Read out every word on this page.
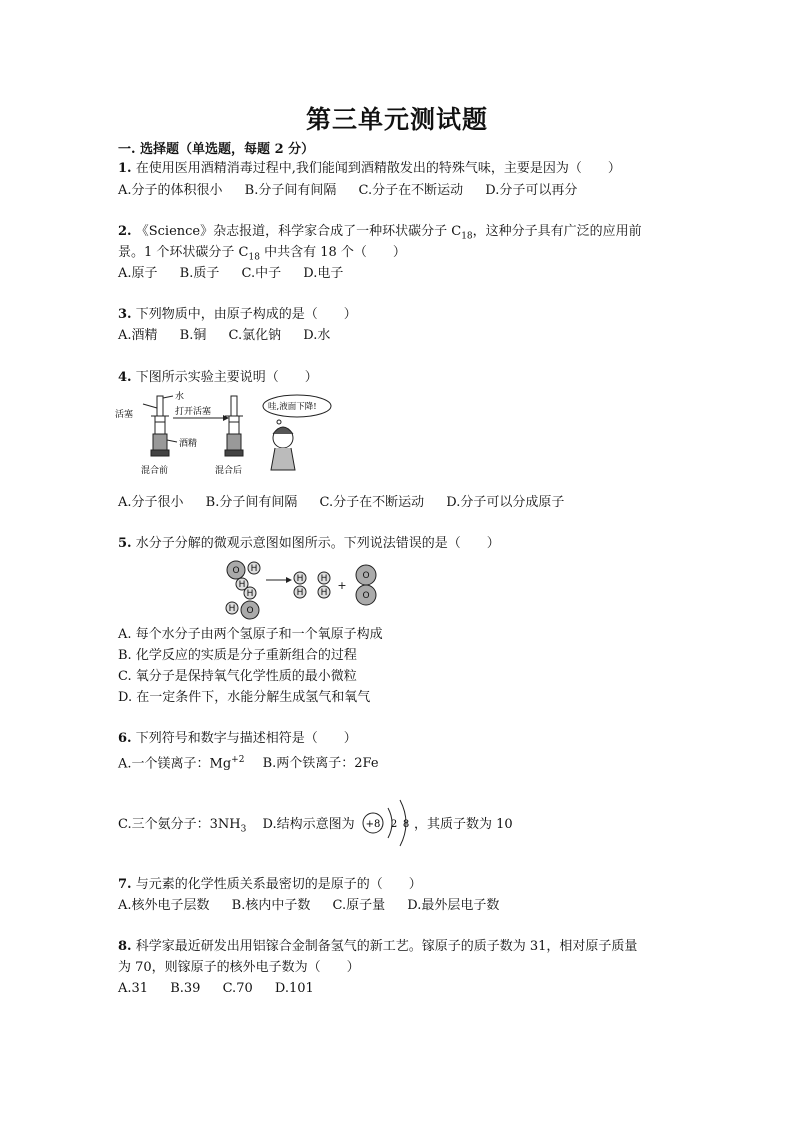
第三单元测试题
一. 选择题（单选题，每题 2 分）
1. 在使用医用酒精消毒过程中,我们能闻到酒精散发出的特殊气味，主要是因为（　　）
A.分子的体积很小 B.分子间有间隔 C.分子在不断运动 D.分子可以再分
2. 《Science》杂志报道，科学家合成了一种环状碳分子 $C_{18}$，这种分子具有广泛的应用前
景。1 个环状碳分子 $C_{18}$ 中共含有 18 个（　　）
A.原子 B.质子 C.中子 D.电子
3. 下列物质中，由原子构成的是（　　）
A.酒精 B.铜 C.氯化钠 D.水
4. 下图所示实验主要说明（　　）
活塞
水
酒精
混合前
打开活塞
混合后
哇,液面下降!
A.分子很小 B.分子间有间隔 C.分子在不断运动 D.分子可以分成原子
5. 水分子分解的微观示意图如图所示。下列说法错误的是（　　）
O H
H
H
O
H
H
H
H
H
+
O
O
A. 每个水分子由两个氢原子和一个氧原子构成
B. 化学反应的实质是分子重新组合的过程
C. 氧分子是保持氧气化学性质的最小微粒
D. 在一定条件下，水能分解生成氢气和氧气
6. 下列符号和数字与描述相符是（　　）
A.一个镁离子：$Mg^{+2}$ B.两个铁离子：2Fe
C.三个氨分子：$3NH_3$ D.结构示意图为 +8 2 8 ，其质子数为 10
7. 与元素的化学性质关系最密切的是原子的（　　）
A.核外电子层数 B.核内中子数 C.原子量 D.最外层电子数
8. 科学家最近研发出用铝镓合金制备氢气的新工艺。镓原子的质子数为 31，相对原子质量
为 70，则镓原子的核外电子数为（　　）
A.31 B.39 C.70 D.101
